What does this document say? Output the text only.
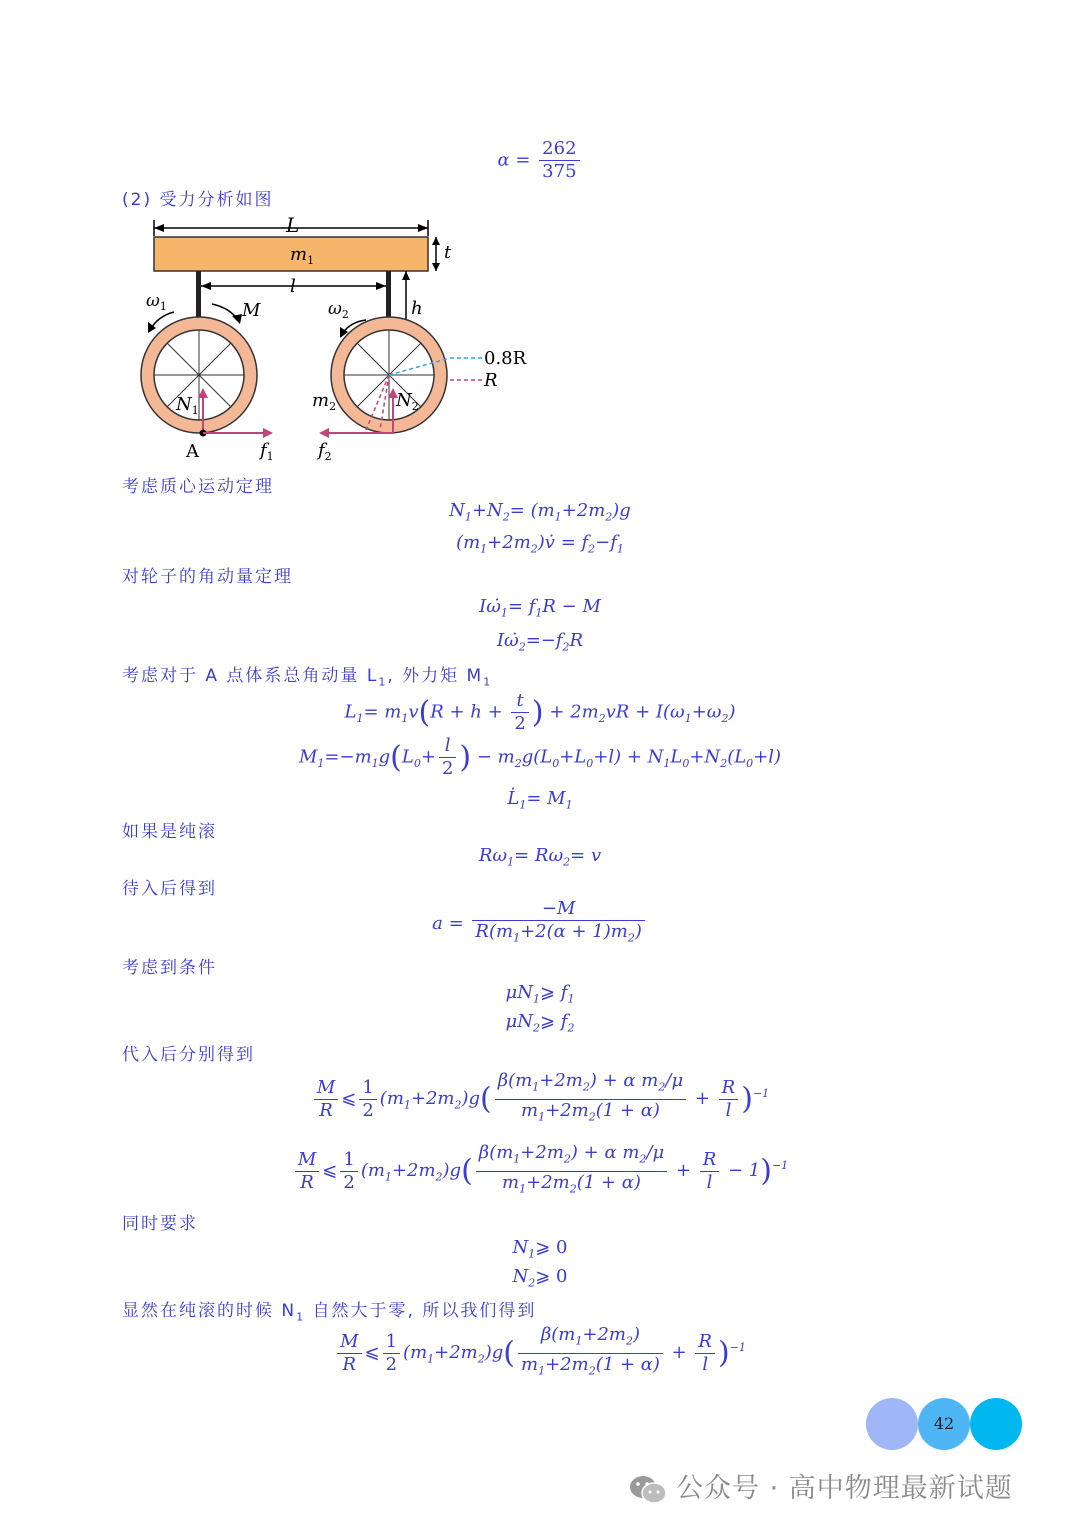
$\alpha = \frac{262}{375}$
(2) 受力分析如图
L
$m_1$	t
l
h
$\omega_1$	M	$\omega_2$
0.8R
R
$N_1$	$N_2$
$m_2$
A	$f_1$ $f_2$
考虑质心运动定理
$N_1+N_2= (m_1+2m_2)g$
$(m_1+2m_2)v̇ = f_2-f_1$
对轮子的角动量定理
$I\omegȧ_1= f_1R - M$
$I\omegȧ_2=-f_2R$
考虑对于 A 点体系总角动量 $L_1$, 外力矩 $M_1$
$L_1= m_1v(R + h + \frac{t}{2}$ ) + $2m_2vR + I(\omega_1+\omega_2)$
$M_1=-m_1g(L_0+ \frac{l}{2}$ ) − $m_2g(L_0+L_0+l) + N_1L_0+N_2(L_0+l)$
$L̇_1= M_1$
如果是纯滚
$R\omega_1= R\omega_2= v$
待入后得到
$a = \frac{-M}{R(m_1+2(\alpha + 1)m_2)}$
考虑到条件
$\mu N_1⩾$ $f_1$
$\mu N_2⩾$ $f_2$
代入后分别得到
$\frac{M}{R}$ ⩽ $\frac{1}{2} (m_1+2m_2)g( \frac{\beta(m_1+2m_2) + \alpha m_2/\mu}{m_1+2m_2(1 + \alpha)} + \frac{R}{l} )^{-1}$
$\frac{M}{R}$ ⩽ $\frac{1}{2} (m_1+2m_2)g( \frac{\beta(m_1+2m_2) + \alpha m_2/\mu}{m_1+2m_2(1 + \alpha)} + \frac{R}{l} - 1)^{-1}$
同时要求
$N_1⩾$ 0
$N_2⩾$ 0
显然在纯滚的时候 $N_1$ 自然大于零, 所以我们得到
$\frac{M}{R}$ ⩽ $\frac{1}{2} (m_1+2m_2)g( \frac{\beta(m_1+2m_2)}{m_1+2m_2(1 + \alpha)} + \frac{R}{l} )^{-1}$
42
公众号 · 高中物理最新试题
